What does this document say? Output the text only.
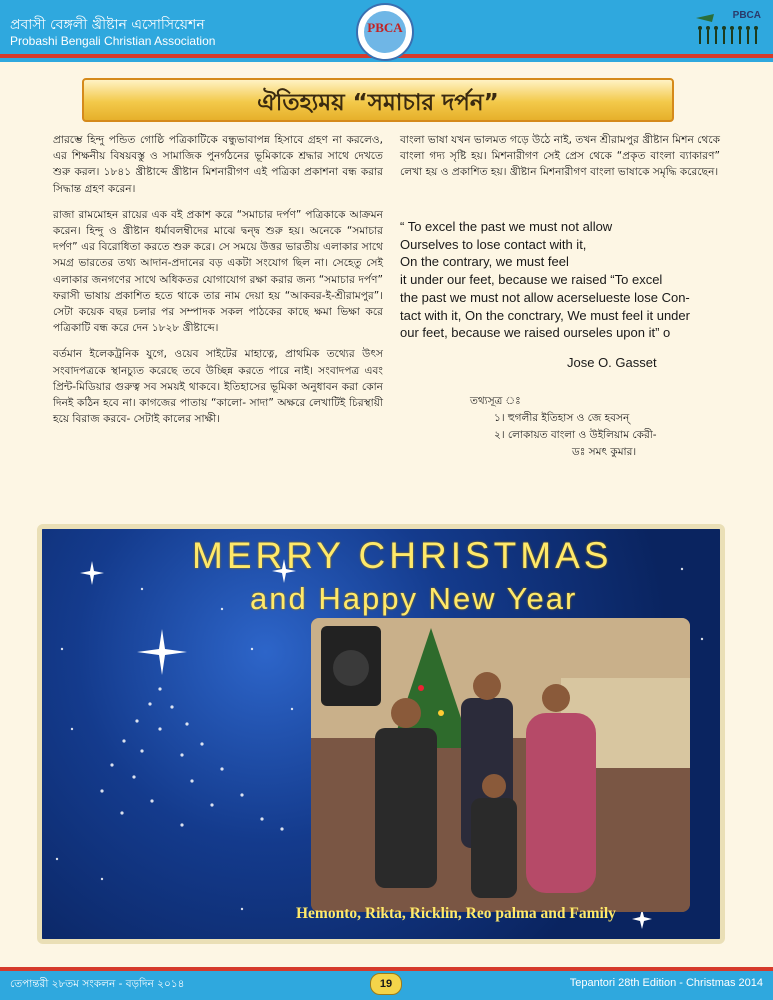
প্রবাসী বেঙ্গলী খ্রীষ্টান এসোসিয়েশন
Probashi Bengali Christian Association
PBCA
PBCA
ঐতিহ্যময় “সমাচার দর্পন”

প্রারম্ভে হিন্দু পন্ডিত গোষ্ঠি পত্রিকাটিকে বন্ধুভাবাপন্ন হিসাবে গ্রহণ না করলেও, এর শিক্ষনীয় বিষয়বস্তু ও সামাজিক পুনর্গঠনের ভূমিকাকে শ্রদ্ধার সাথে দেখতে শুরু করল। ১৮৪১ খ্রীষ্টাব্দে খ্রীষ্টান মিশনারীগণ এই পত্রিকা প্রকাশনা বন্ধ করার সিদ্ধান্ত গ্রহণ করেন।

রাজা রামমোহন রায়ের এক বই প্রকাশ করে “সমাচার দর্পণ” পত্রিকাকে আক্রমন করেন। হিন্দু ও খ্রীষ্টান ধর্মাবলম্বীদের মাঝে দ্বন্দ্ব শুরু হয়। অনেকে “সমাচার দর্পণ” এর বিরোধিতা করতে শুরু করে। সে সময়ে উত্তর ভারতীয় এলাকার সাথে সমগ্র ভারতের তথ্য আদান-প্রদানের বড় একটা সংযোগ ছিল না। সেহেতু সেই এলাকার জনগণের সাথে অধিকতর যোগাযোগ রক্ষা করার জন্য “সমাচার দর্পণ” ফরাসী ভাষায় প্রকাশিত হতে থাকে তার নাম দেয়া হয় “আকবর-ই-শ্রীরামপুর”। সেটা কয়েক বছর চলার পর সম্পাদক সকল পাঠকের কাছে ক্ষমা ভিক্ষা করে পত্রিকাটি বন্ধ করে দেন ১৮২৮ খ্রীষ্টাব্দে।

বর্তমান ইলেকট্রনিক যুগে, ওয়েব সাইটের মাহাত্নে, প্রাথমিক তথ্যের উৎস সংবাদপত্রকে স্থানচ্যুত করেছে তবে উচ্ছিন্ন করতে পারে নাই। সংবাদপত্র এবং প্রিন্ট-মিডিয়ার গুরুত্ব সব সময়ই থাকবে। ইতিহাসের ভূমিকা অনুধাবন করা কোন দিনই কঠিন হবে না। কাগজের পাতায় “কালো- সাদা” অক্ষরে লেখাটিই চিরস্থায়ী হয়ে বিরাজ করবে- সেটাই কালের সাক্ষী।

বাংলা ভাষা যখন ভালমত গড়ে উঠে নাই, তখন শ্রীরামপুর খ্রীষ্টান মিশন থেকে বাংলা গদ্য সৃষ্টি হয়। মিশনারীগণ সেই প্রেস থেকে “প্রকৃত বাংলা ব্যাকারণ” লেখা হয় ও প্রকাশিত হয়। খ্রীষ্টান মিশনারীগণ বাংলা ভাষাকে সমৃদ্ধি করেছেন।

“ To excel the past we must not allow
Ourselves to lose contact with it,
On the contrary, we must feel
it under our feet, because we raised “To excel
the past we must not allow acerselueste lose Con-
tact with it, On the conctrary, We must feel it under
our feet, because we raised ourseles upon it” o
Jose O. Gasset
তথ্যসূত্র ঃ
১। হুগলীর ইতিহাস ও জে হবসন্
২। লোকায়ত বাংলা ও উইলিয়াম কেরী-
ডঃ সমৎ কুমার।
MERRY CHRISTMAS
and Happy New Year
Hemonto, Rikta, Ricklin, Reo palma and Family
তেপান্তরী ২৮তম সংকলন - বড়দিন ২০১৪	19	Tepantori 28th Edition - Christmas 2014
